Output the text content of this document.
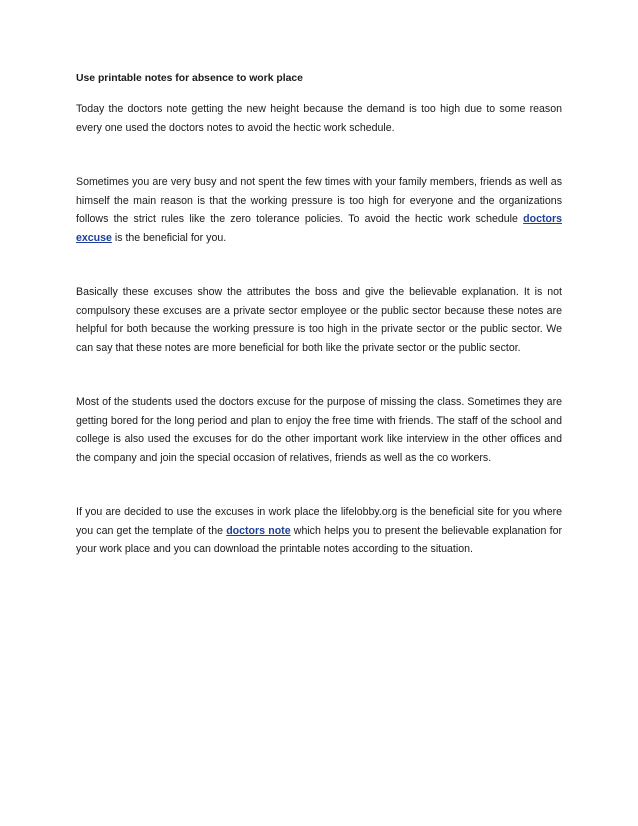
Use printable notes for absence to work place

Today the doctors note getting the new height because the demand is too high due to some reason every one used the doctors notes to avoid the hectic work schedule.

Sometimes you are very busy and not spent the few times with your family members, friends as well as himself the main reason is that the working pressure is too high for everyone and the organizations follows the strict rules like the zero tolerance policies. To avoid the hectic work schedule doctors excuse is the beneficial for you.

Basically these excuses show the attributes the boss and give the believable explanation. It is not compulsory these excuses are a private sector employee or the public sector because these notes are helpful for both because the working pressure is too high in the private sector or the public sector. We can say that these notes are more beneficial for both like the private sector or the public sector.

Most of the students used the doctors excuse for the purpose of missing the class. Sometimes they are getting bored for the long period and plan to enjoy the free time with friends. The staff of the school and college is also used the excuses for do the other important work like interview in the other offices and the company and join the special occasion of relatives, friends as well as the co workers.

If you are decided to use the excuses in work place the lifelobby.org is the beneficial site for you where you can get the template of the doctors note which helps you to present the believable explanation for your work place and you can download the printable notes according to the situation.
